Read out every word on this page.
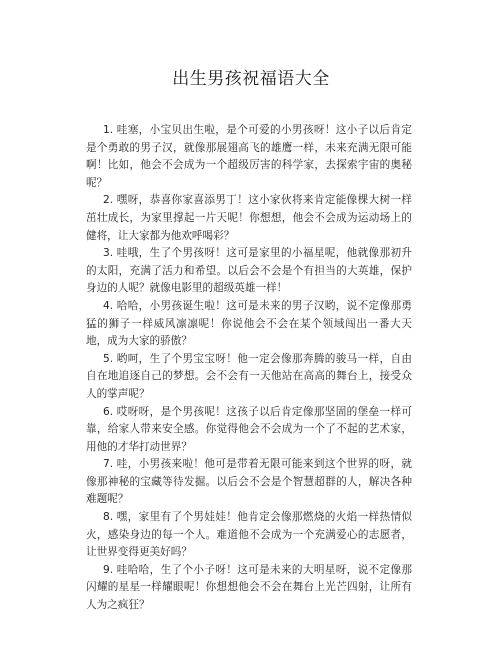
出生男孩祝福语大全

1. 哇塞，小宝贝出生啦，是个可爱的小男孩呀！这小子以后肯定是个勇敢的男子汉，就像那展翅高飞的雄鹰一样，未来充满无限可能啊！比如，他会不会成为一个超级厉害的科学家，去探索宇宙的奥秘呢？

2. 嘿呀，恭喜你家喜添男丁！这小家伙将来肯定能像棵大树一样茁壮成长，为家里撑起一片天呢！你想想，他会不会成为运动场上的健将，让大家都为他欢呼喝彩？

3. 哇哦，生了个男孩呀！这可是家里的小福星呢，他就像那初升的太阳，充满了活力和希望。以后会不会是个有担当的大英雄，保护身边的人呢？就像电影里的超级英雄一样！

4. 哈哈，小男孩诞生啦！这可是未来的男子汉哟，说不定像那勇猛的狮子一样威风凛凛呢！你说他会不会在某个领域闯出一番大天地，成为大家的骄傲？

5. 哟呵，生了个男宝宝呀！他一定会像那奔腾的骏马一样，自由自在地追逐自己的梦想。会不会有一天他站在高高的舞台上，接受众人的掌声呢？

6. 哎呀呀，是个男孩呢！这孩子以后肯定像那坚固的堡垒一样可靠，给家人带来安全感。你觉得他会不会成为一个了不起的艺术家，用他的才华打动世界？

7. 哇，小男孩来啦！他可是带着无限可能来到这个世界的呀，就像那神秘的宝藏等待发掘。以后会不会是个智慧超群的人，解决各种难题呢？

8. 嘿，家里有了个男娃娃！他肯定会像那燃烧的火焰一样热情似火，感染身边的每一个人。难道他不会成为一个充满爱心的志愿者，让世界变得更美好吗？

9. 哇哈哈，生了个小子呀！这可是未来的大明星呀，说不定像那闪耀的星星一样耀眼呢！你想想他会不会在舞台上光芒四射，让所有人为之疯狂？
